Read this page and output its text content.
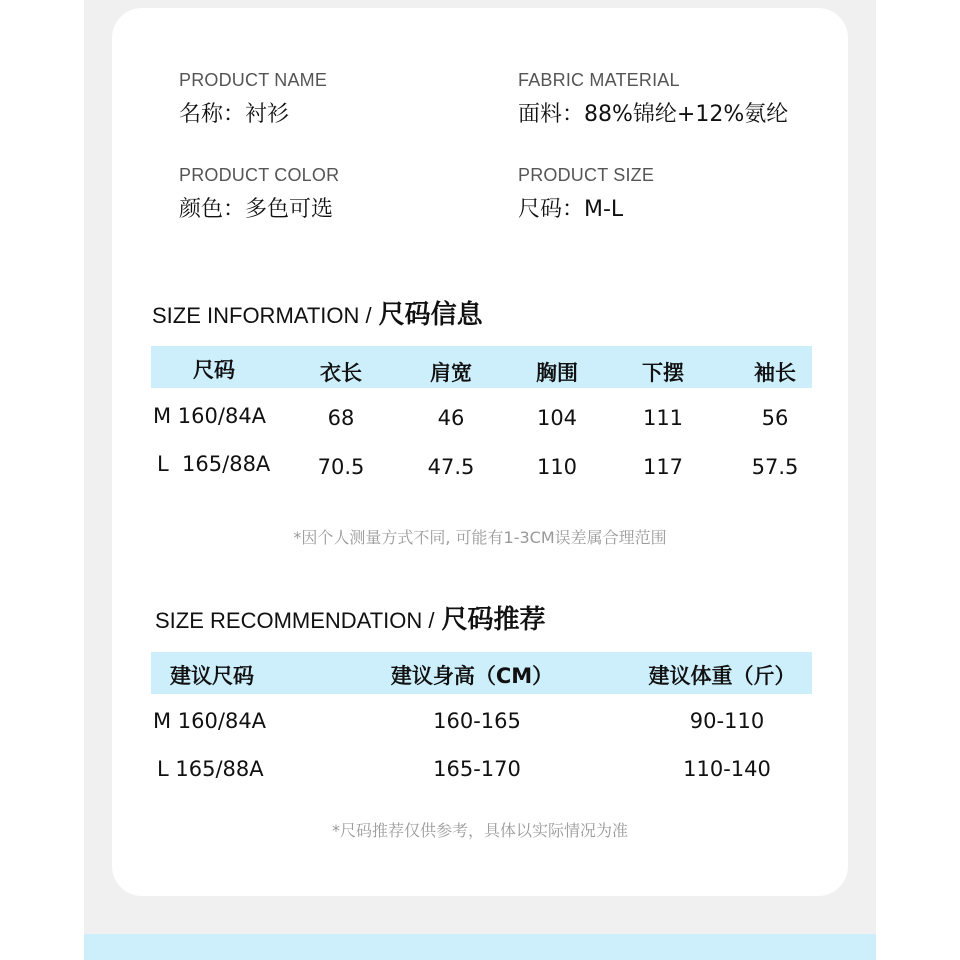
PRODUCT NAME
名称：衬衫
FABRIC MATERIAL
面料：88%锦纶+12%氨纶
PRODUCT COLOR
颜色：多色可选
PRODUCT SIZE
尺码：M-L
SIZE INFORMATION / 尺码信息
尺码	衣长	肩宽	胸围	下摆	袖长
M 160/84A	68	46	104	111	56
L  165/88A 70.5	47.5	110	117	57.5
*因个人测量方式不同, 可能有1-3CM误差属合理范围
SIZE RECOMMENDATION / 尺码推荐
建议尺码	建议身高（CM）	建议体重（斤）
M 160/84A	160-165	90-110
L 165/88A	165-170	110-140
*尺码推荐仅供参考，具体以实际情况为准
